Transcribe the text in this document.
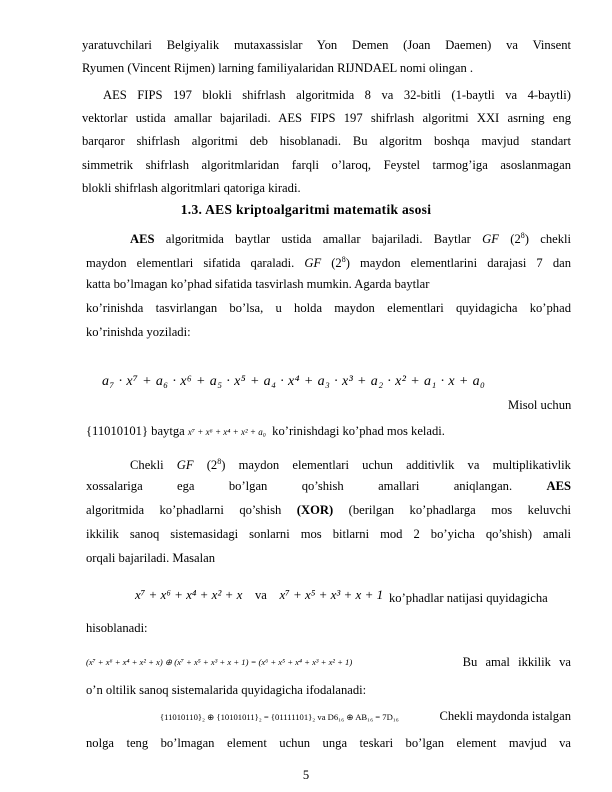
yaratuvchilari Belgiyalik mutaxassislar Yon Demen (Joan Daemen) va Vinsent
Ryumen (Vincent Rijmen) larning familiyalaridan RIJNDAEL nomi olingan .
AES FIPS 197 blokli shifrlash algoritmida 8 va 32-bitli (1-baytli va 4-baytli)
vektorlar ustida amallar bajariladi. AES FIPS 197 shifrlash algoritmi XXI asrning eng
barqaror shifrlash algoritmi deb hisoblanadi. Bu algoritm boshqa mavjud standart
simmetrik shifrlash algoritmlaridan farqli o’laroq, Feystel tarmog’iga asoslanmagan
blokli shifrlash algoritmlari qatoriga kiradi.
1.3. AES kriptoalgaritmi matematik asosi
AES algoritmida baytlar ustida amallar bajariladi. Baytlar GF $(2^8)$ chekli
maydon elementlari sifatida qaraladi. GF $(2^8)$ maydon elementlarini darajasi 7 dan
katta bo’lmagan ko’phad sifatida tasvirlash mumkin. Agarda baytlar
ko’rinishda tasvirlangan bo’lsa, u holda maydon elementlari quyidagicha ko’phad
ko’rinishda yoziladi:
a₇ · x⁷ + a₆ · x⁶ + a₅ · x⁵ + a₄ · x⁴ + a₃ · x³ + a₂ · x² + a₁ · x + a₀
Misol uchun
{11010101} baytga x⁷ + x⁶ + x⁴ + x² + a₀ ko’rinishdagi ko’phad mos keladi.
Chekli GF $(2^8)$ maydon elementlari uchun additivlik va multiplikativlik
xossalariga ega bo’lgan qo’shish amallari aniqlangan.	AES
algoritmida ko’phadlarni qo’shish (XOR) (berilgan ko’phadlarga mos keluvchi
ikkilik sanoq sistemasidagi sonlarni mos bitlarni mod 2 bo’yicha qo’shish) amali
orqali bajariladi. Masalan
x⁷ + x⁶ + x⁴ + x² + x va x⁷ + x⁵ + x³ + x + 1 ko’phadlar natijasi quyidagicha
hisoblanadi:
(x⁷ + x⁶ + x⁴ + x² + x) ⊕ (x⁷ + x⁵ + x³ + x + 1) = (x⁶ + x⁵ + x⁴ + x³ + x² + 1)	Bu amal ikkilik va
o’n oltilik sanoq sistemalarida quyidagicha ifodalanadi:
{11010110}₂ ⊕ {10101011}₂ = {01111101}₂ va D6₁₆ ⊕ AB₁₆ = 7D₁₆	Chekli maydonda istalgan
nolga teng bo’lmagan element uchun unga teskari bo’lgan element mavjud va
5
